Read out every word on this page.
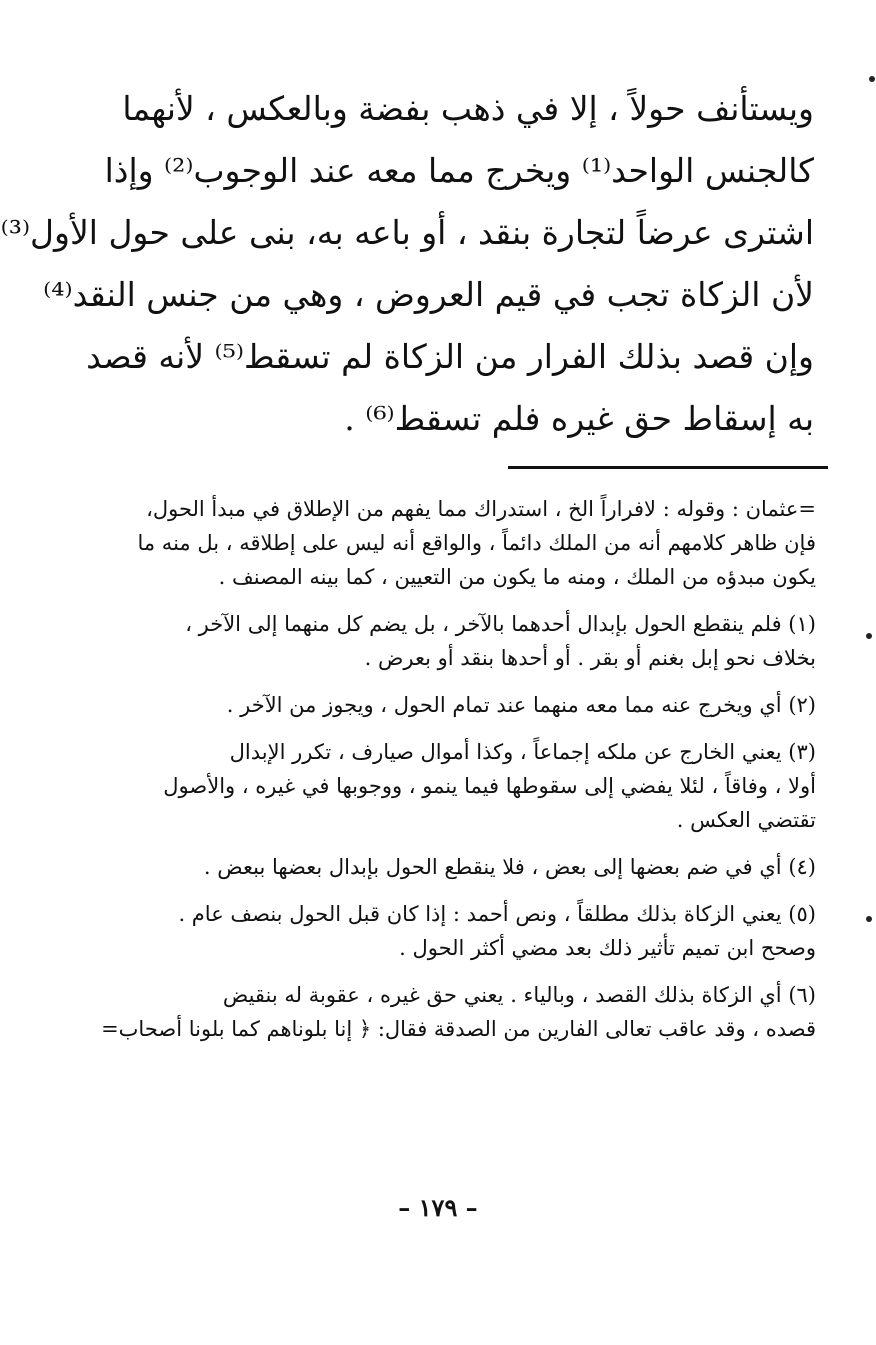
ويستأنف حولاً ، إلا في ذهب بفضة وبالعكس ، لأنهما
كالجنس الواحد⁽¹⁾ ويخرج مما معه عند الوجوب⁽²⁾ وإذا
اشترى عرضاً لتجارة بنقد ، أو باعه به، بنى على حول الأول⁽³⁾
لأن الزكاة تجب في قيم العروض ، وهي من جنس النقد⁽⁴⁾
وإن قصد بذلك الفرار من الزكاة لم تسقط⁽⁵⁾ لأنه قصد
به إسقاط حق غيره فلم تسقط⁽⁶⁾ .
=عثمان : وقوله : لافراراً الخ ، استدراك مما يفهم من الإطلاق في مبدأ الحول،
فإن ظاهر كلامهم أنه من الملك دائماً ، والواقع أنه ليس على إطلاقه ، بل منه ما
يكون مبدؤه من الملك ، ومنه ما يكون من التعيين ، كما بينه المصنف .
(١) فلم ينقطع الحول بإبدال أحدهما بالآخر ، بل يضم كل منهما إلى الآخر ،
بخلاف نحو إبل بغنم أو بقر . أو أحدها بنقد أو بعرض .
(٢) أي ويخرج عنه مما معه منهما عند تمام الحول ، ويجوز من الآخر .
(٣) يعني الخارج عن ملكه إجماعاً ، وكذا أموال صيارف ، تكرر الإبدال
أولا ، وفاقاً ، لئلا يفضي إلى سقوطها فيما ينمو ، ووجوبها في غيره ، والأصول
تقتضي العكس .
(٤) أي في ضم بعضها إلى بعض ، فلا ينقطع الحول بإبدال بعضها ببعض .
(٥) يعني الزكاة بذلك مطلقاً ، ونص أحمد : إذا كان قبل الحول بنصف عام .
وصحح ابن تميم تأثير ذلك بعد مضي أكثر الحول .
(٦) أي الزكاة بذلك القصد ، وبالياء . يعني حق غيره ، عقوبة له بنقيض
قصده ، وقد عاقب تعالى الفارين من الصدقة فقال: ﴿ إنا بلوناهم كما بلونا أصحاب=
– ١٧٩ –
